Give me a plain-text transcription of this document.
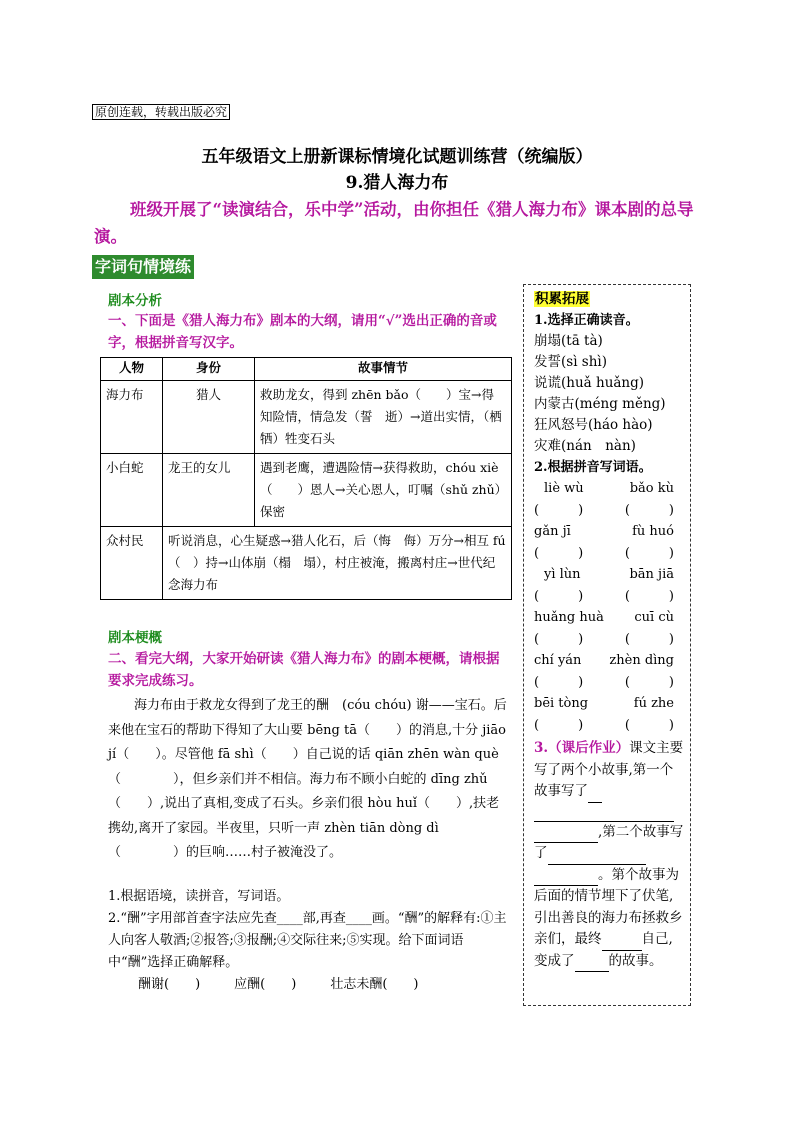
原创连载，转载出版必究
五年级语文上册新课标情境化试题训练营（统编版）
9.猎人海力布
班级开展了“读演结合，乐中学”活动，由你担任《猎人海力布》课本剧的总导演。
字词句情境练
剧本分析
一、下面是《猎人海力布》剧本的大纲，请用“√”选出正确的音或字，根据拼音写汉字。
人物	身份	故事情节
海力布	猎人	救助龙女，得到 zhēn bǎo（　　）宝→得知险情，情急发（誓　逝）→道出实情，（栖　牺）牲变石头
小白蛇	龙王的女儿	遇到老鹰，遭遇险情→获得救助，chóu xiè（　　）恩人→关心恩人，叮嘱（shǔ zhǔ）保密
众村民	听说消息，心生疑惑→猎人化石，后（悔　侮）万分→相互 fú（　）持→山体崩（榻　塌），村庄被淹，搬离村庄→世代纪念海力布	
剧本梗概
二、看完大纲，大家开始研读《猎人海力布》的剧本梗概，请根据要求完成练习。

海力布由于救龙女得到了龙王的酬　(cóu chóu) 谢——宝石。后来他在宝石的帮助下得知了大山要 bēng tā（　　）的消息,十分 jiāo jí（　　）。尽管他 fā shì（　　）自己说的话 qiān zhēn wàn què（　　　　），但乡亲们并不相信。海力布不顾小白蛇的 dīng zhǔ（　　）,说出了真相,变成了石头。乡亲们很 hòu huǐ（　　）,扶老携幼,离开了家园。半夜里，只听一声 zhèn tiān dòng dì（　　　　）的巨响……村子被淹没了。

1.根据语境，读拼音，写词语。

2.“酬”字用部首查字法应先查____部,再查____画。“酬”的解释有:①主人向客人敬酒;②报答;③报酬;④交际往来;⑤实现。给下面词语中“酬”选择正确解释。

酬谢(　　)	应酬(　　)	壮志未酬(　　)

积累拓展
1.选择正确读音。
崩塌(tā tà)
发誓(sì shì)
说谎(huǎ huǎng)
内蒙古(méng měng)
狂风怒号(háo hào)
灾难(nán　nàn)
2.根据拼音写词语。
liè wù	bǎo kù
(　　　)	(　　　)
gǎn jī	fù huó
(　　　)	(　　　)
yì lùn	bān jiā
(　　　)	(　　　)
huǎng huà cuī cù
(　　　)	(　　　)
chí yán zhèn dìng
(　　　)	(　　　)
bēi tòng	fú zhe
(　　　)	(　　　)
3.（课后作业）课文主要写了两个小故事,第一个故事写了
,第二个故事写了。第个故事为后面的情节埋下了伏笔,引出善良的海力布拯救乡亲们，最终	自己,变成了	的故事。
